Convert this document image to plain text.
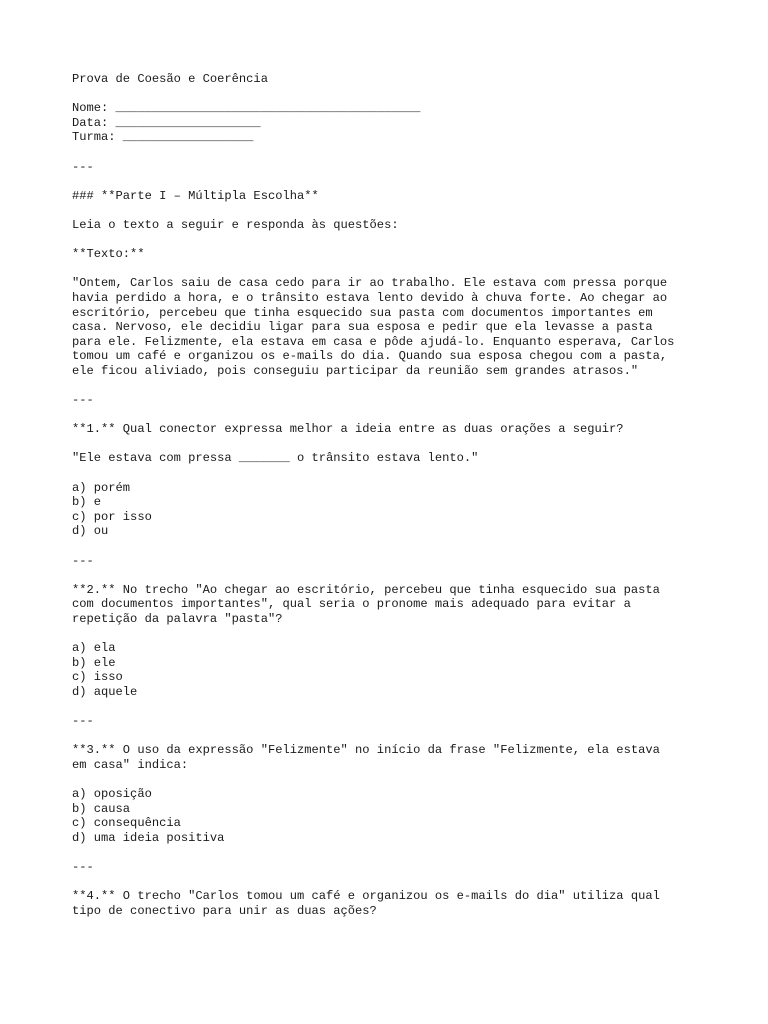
Prova de Coesão e Coerência

Nome: __________________________________________

Data: ____________________

Turma: __________________

---

### **Parte I – Múltipla Escolha**

Leia o texto a seguir e responda às questões:

**Texto:**

"Ontem, Carlos saiu de casa cedo para ir ao trabalho. Ele estava com pressa porque

havia perdido a hora, e o trânsito estava lento devido à chuva forte. Ao chegar ao

escritório, percebeu que tinha esquecido sua pasta com documentos importantes em

casa. Nervoso, ele decidiu ligar para sua esposa e pedir que ela levasse a pasta

para ele. Felizmente, ela estava em casa e pôde ajudá-lo. Enquanto esperava, Carlos

tomou um café e organizou os e-mails do dia. Quando sua esposa chegou com a pasta,

ele ficou aliviado, pois conseguiu participar da reunião sem grandes atrasos."

---

**1.** Qual conector expressa melhor a ideia entre as duas orações a seguir?

"Ele estava com pressa _______ o trânsito estava lento."

a) porém

b) e

c) por isso

d) ou

---

**2.** No trecho "Ao chegar ao escritório, percebeu que tinha esquecido sua pasta

com documentos importantes", qual seria o pronome mais adequado para evitar a

repetição da palavra "pasta"?

a) ela

b) ele

c) isso

d) aquele

---

**3.** O uso da expressão "Felizmente" no início da frase "Felizmente, ela estava

em casa" indica:

a) oposição

b) causa

c) consequência

d) uma ideia positiva

---

**4.** O trecho "Carlos tomou um café e organizou os e-mails do dia" utiliza qual

tipo de conectivo para unir as duas ações?
